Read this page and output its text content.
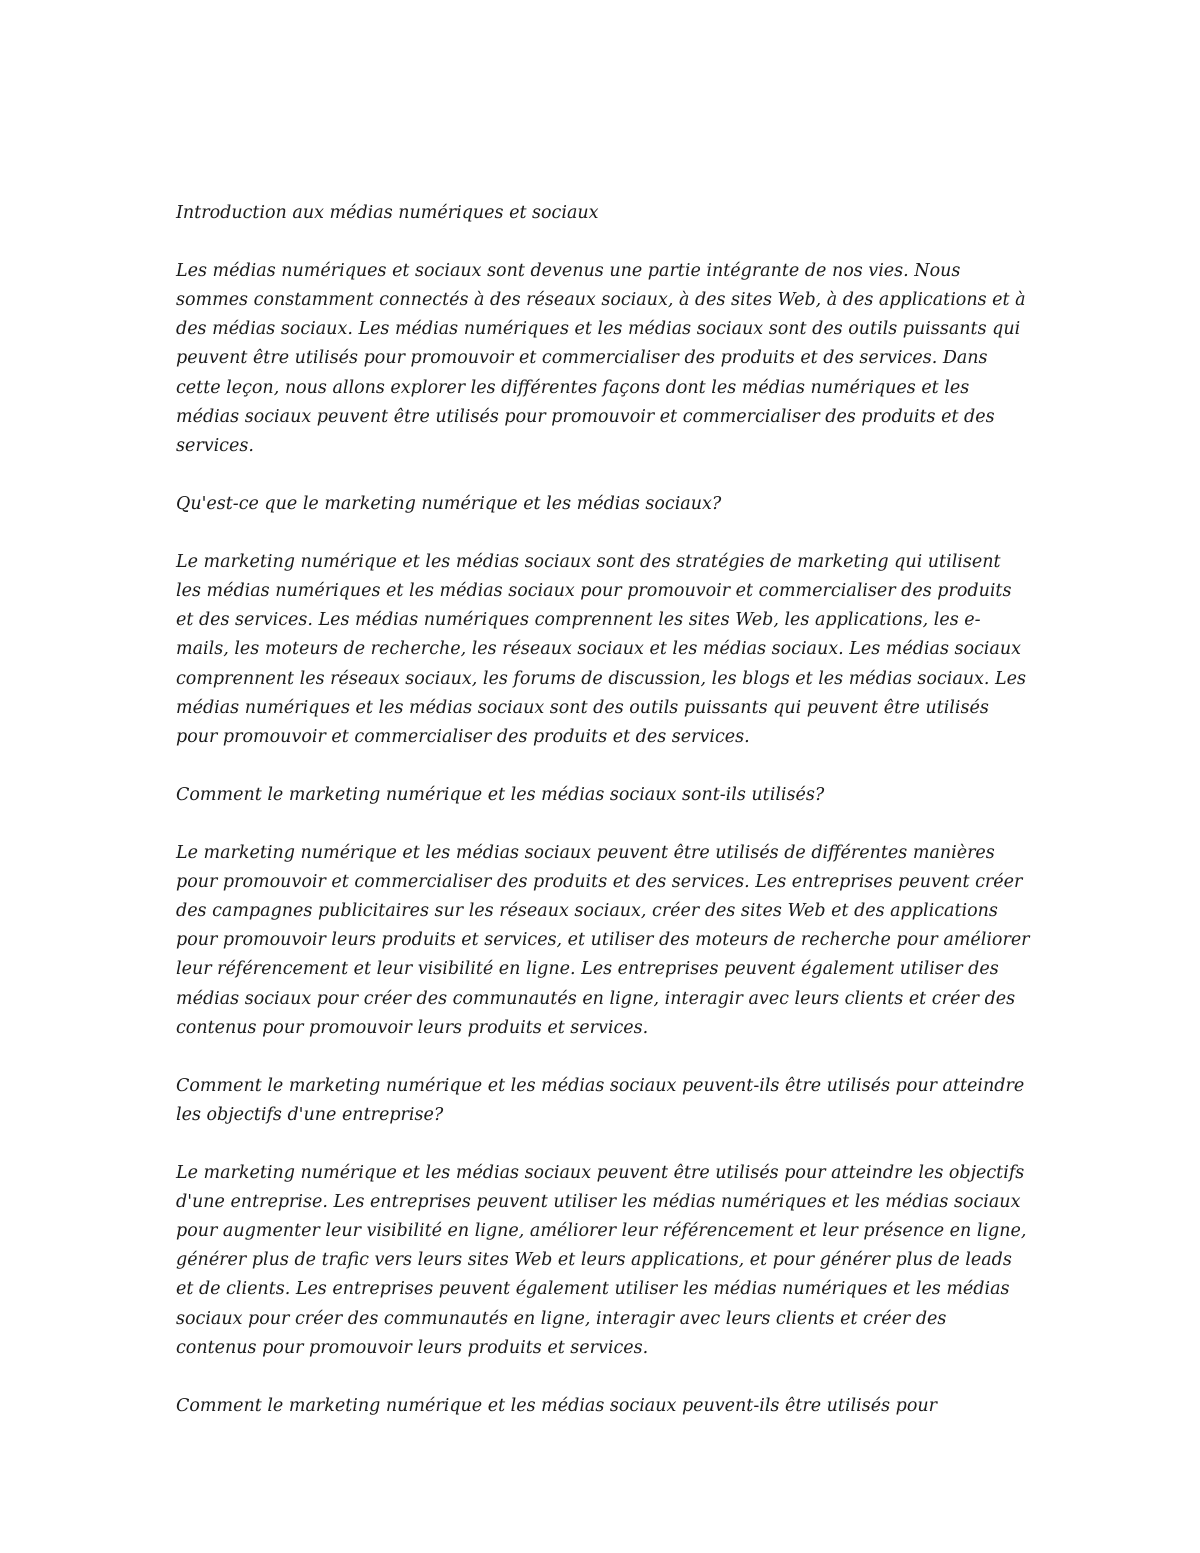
Introduction aux médias numériques et sociaux

Les médias numériques et sociaux sont devenus une partie intégrante de nos vies. Nous sommes constamment connectés à des réseaux sociaux, à des sites Web, à des applications et à des médias sociaux. Les médias numériques et les médias sociaux sont des outils puissants qui peuvent être utilisés pour promouvoir et commercialiser des produits et des services. Dans cette leçon, nous allons explorer les différentes façons dont les médias numériques et les médias sociaux peuvent être utilisés pour promouvoir et commercialiser des produits et des services.

Qu'est-ce que le marketing numérique et les médias sociaux?

Le marketing numérique et les médias sociaux sont des stratégies de marketing qui utilisent les médias numériques et les médias sociaux pour promouvoir et commercialiser des produits et des services. Les médias numériques comprennent les sites Web, les applications, les e-mails, les moteurs de recherche, les réseaux sociaux et les médias sociaux. Les médias sociaux comprennent les réseaux sociaux, les forums de discussion, les blogs et les médias sociaux. Les médias numériques et les médias sociaux sont des outils puissants qui peuvent être utilisés pour promouvoir et commercialiser des produits et des services.

Comment le marketing numérique et les médias sociaux sont-ils utilisés?

Le marketing numérique et les médias sociaux peuvent être utilisés de différentes manières pour promouvoir et commercialiser des produits et des services. Les entreprises peuvent créer des campagnes publicitaires sur les réseaux sociaux, créer des sites Web et des applications pour promouvoir leurs produits et services, et utiliser des moteurs de recherche pour améliorer leur référencement et leur visibilité en ligne. Les entreprises peuvent également utiliser des médias sociaux pour créer des communautés en ligne, interagir avec leurs clients et créer des contenus pour promouvoir leurs produits et services.

Comment le marketing numérique et les médias sociaux peuvent-ils être utilisés pour atteindre les objectifs d'une entreprise?

Le marketing numérique et les médias sociaux peuvent être utilisés pour atteindre les objectifs d'une entreprise. Les entreprises peuvent utiliser les médias numériques et les médias sociaux pour augmenter leur visibilité en ligne, améliorer leur référencement et leur présence en ligne, générer plus de trafic vers leurs sites Web et leurs applications, et pour générer plus de leads et de clients. Les entreprises peuvent également utiliser les médias numériques et les médias sociaux pour créer des communautés en ligne, interagir avec leurs clients et créer des contenus pour promouvoir leurs produits et services.

Comment le marketing numérique et les médias sociaux peuvent-ils être utilisés pour
